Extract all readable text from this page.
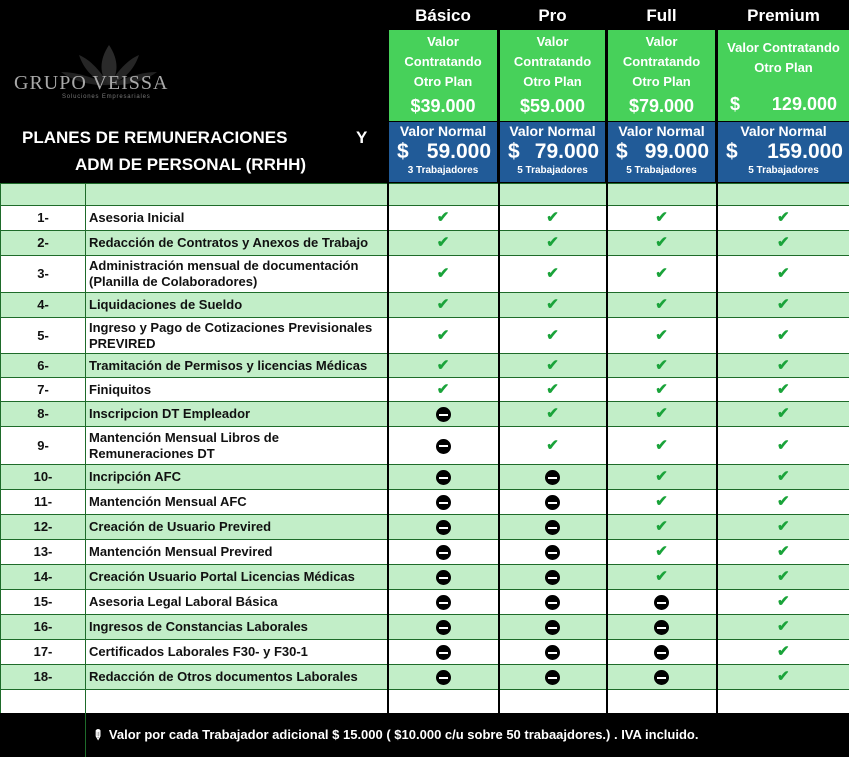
GRUPO VEISSA
Soluciones Empresariales
PLANES DE REMUNERACIONES	Y
ADM DE PERSONAL (RRHH)
Básico
Valor Contratando Otro Plan
$39.000
Valor Normal
$ 59.000
3 Trabajadores
Pro
Valor Contratando Otro Plan
$59.000
Valor Normal
$ 79.000
5 Trabajadores
Full
Valor Contratando Otro Plan
$79.000
Valor Normal
$ 99.000
5 Trabajadores
Premium
Valor Contratando Otro Plan
$ 129.000
Valor Normal
$ 159.000
5 Trabajadores

1-	Asesoria Inicial	✔	✔	✔	✔
2-	Redacción de Contratos y Anexos de Trabajo	✔	✔	✔	✔
3-	Administración mensual de documentación (Planilla de Colaboradores)	✔	✔	✔	✔
4-	Liquidaciones de Sueldo	✔	✔	✔	✔
5-	Ingreso y Pago de Cotizaciones Previsionales PREVIRED	✔	✔	✔	✔
6-	Tramitación de Permisos y licencias Médicas	✔	✔	✔	✔
7-	Finiquitos	✔	✔	✔	✔
8-	Inscripcion DT Empleador		✔	✔	✔
9-	Mantención Mensual Libros de Remuneraciones DT		✔	✔	✔
10-	Incripción AFC			✔	✔
11-	Mantención Mensual AFC			✔	✔
12-	Creación de Usuario Previred			✔	✔
13-	Mantención Mensual Previred			✔	✔
14-	Creación Usuario Portal Licencias Médicas			✔	✔
15-	Asesoria Legal Laboral Básica				✔
16-	Ingresos de Constancias Laborales				✔
17-	Certificados Laborales F30- y F30-1				✔
18-	Redacción de Otros documentos Laborales				✔

✎ Valor por cada Trabajador adicional $ 15.000 ( $10.000 c/u sobre 50 trabaajdores.) . IVA incluido.
